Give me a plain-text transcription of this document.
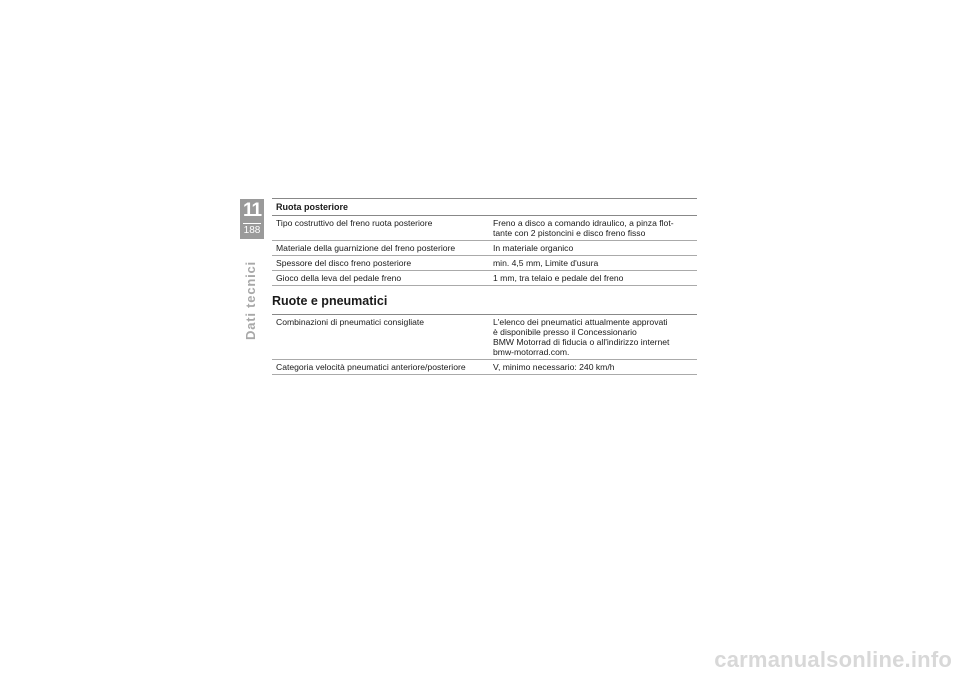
11
188
Dati tecnici
Ruota posteriore
Tipo costruttivo del freno ruota posteriore	Freno a disco a comando idraulico, a pinza flot-
tante con 2 pistoncini e disco freno fisso
Materiale della guarnizione del freno posteriore	In materiale organico
Spessore del disco freno posteriore	min. 4,5 mm, Limite d'usura
Gioco della leva del pedale freno	1 mm, tra telaio e pedale del freno
Ruote e pneumatici
Combinazioni di pneumatici consigliate	L'elenco dei pneumatici attualmente approvati
è disponibile presso il Concessionario
BMW Motorrad di fiducia o all'indirizzo internet
bmw-motorrad.com.
Categoria velocità pneumatici anteriore/posteriore	V, minimo necessario: 240 km/h
carmanualsonline.info
